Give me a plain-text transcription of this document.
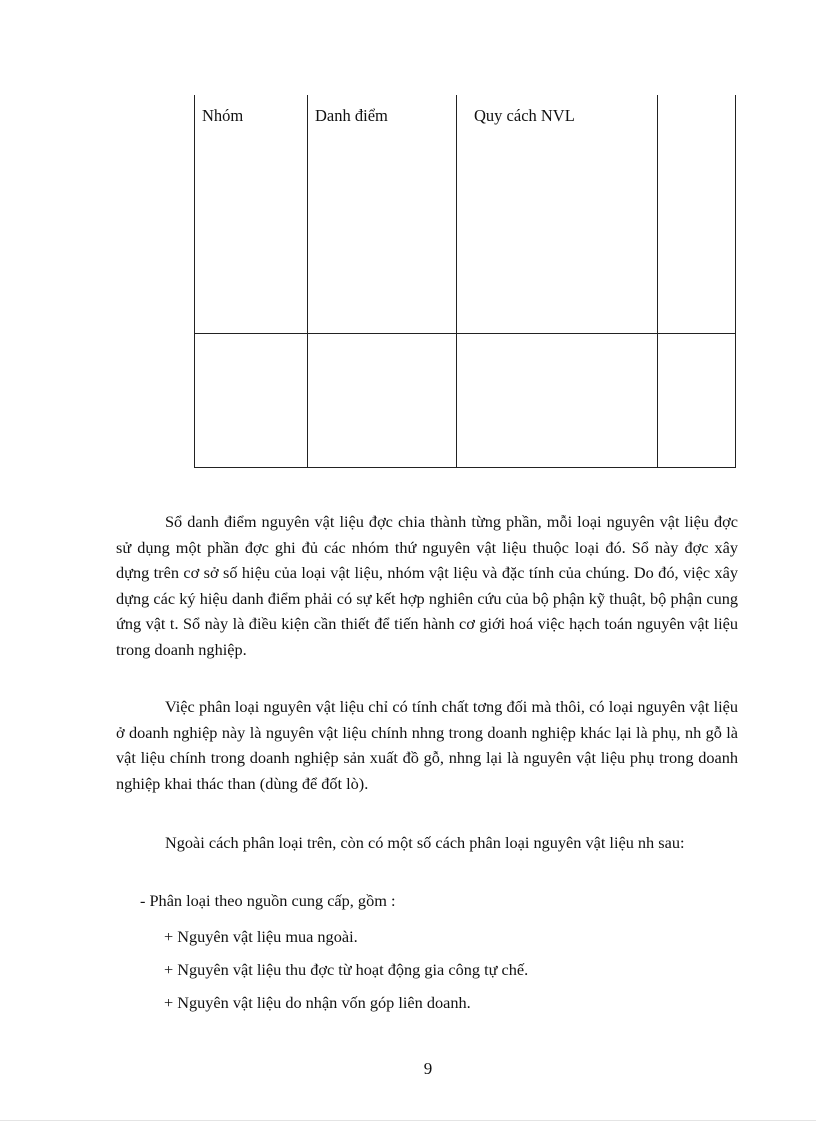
Nhóm	Danh điểm	Quy cách NVL

Sổ danh điểm nguyên vật liệu đợc chia thành từng phần, mỗi loại nguyên vật liệu đợc sử dụng một phần đợc ghi đủ các nhóm thứ nguyên vật liệu thuộc loại đó. Sổ này đợc xây dựng trên cơ sở số hiệu của loại vật liệu, nhóm vật liệu và đặc tính của chúng. Do đó, việc xây dựng các ký hiệu danh điểm phải có sự kết hợp nghiên cứu của bộ phận kỹ thuật, bộ phận cung ứng vật t. Sổ này là điều kiện cần thiết để tiến hành cơ giới hoá việc hạch toán nguyên vật liệu trong doanh nghiệp.

Việc phân loại nguyên vật liệu chỉ có tính chất tơng đối mà thôi, có loại nguyên vật liệu ở doanh nghiệp này là nguyên vật liệu chính nhng trong doanh nghiệp khác lại là phụ, nh gỗ là vật liệu chính trong doanh nghiệp sản xuất đồ gỗ, nhng lại là nguyên vật liệu phụ trong doanh nghiệp khai thác than (dùng để đốt lò).

Ngoài cách phân loại trên, còn có một số cách phân loại nguyên vật liệu nh sau:

- Phân loại theo nguồn cung cấp, gồm :
+ Nguyên vật liệu mua ngoài.
+ Nguyên vật liệu thu đợc từ hoạt động gia công tự chế.
+ Nguyên vật liệu do nhận vốn góp liên doanh.
9
